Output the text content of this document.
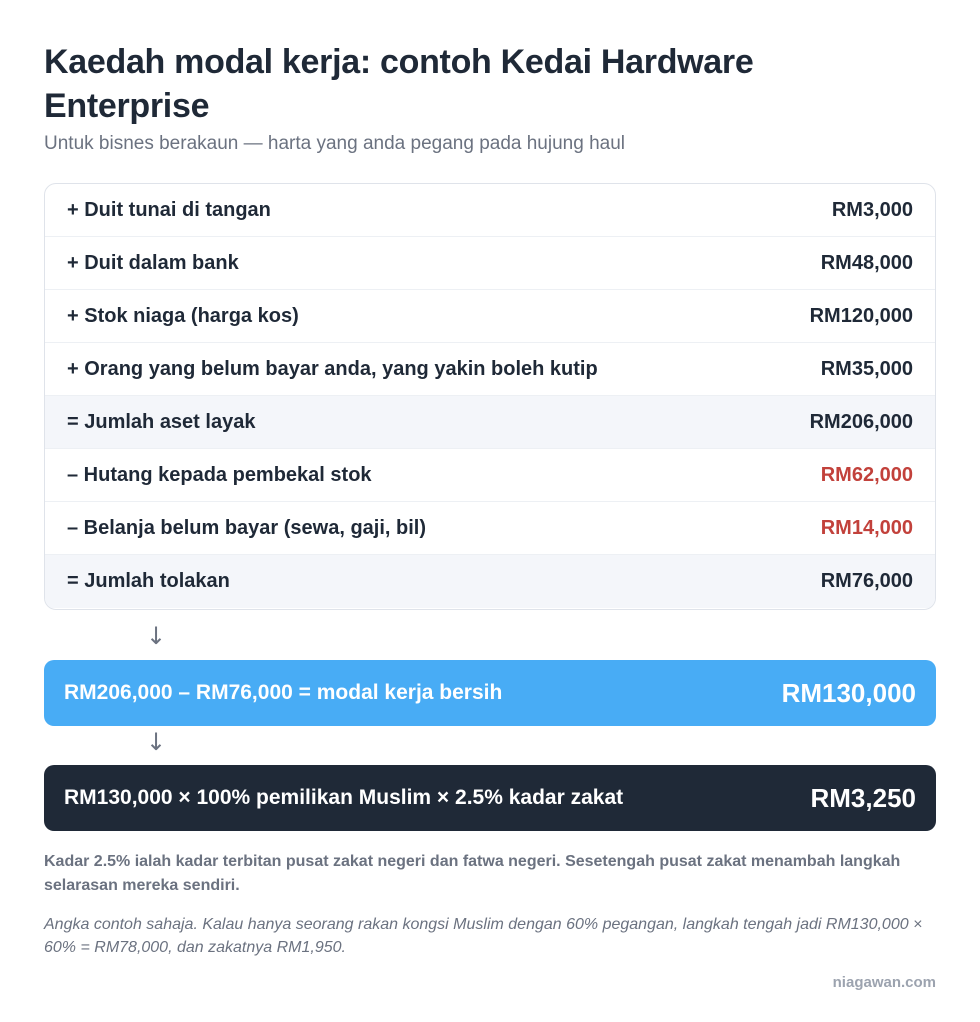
Kaedah modal kerja: contoh Kedai Hardware Enterprise
Untuk bisnes berakaun — harta yang anda pegang pada hujung haul
+ Duit tunai di tangan	RM3,000
+ Duit dalam bank	RM48,000
+ Stok niaga (harga kos)	RM120,000
+ Orang yang belum bayar anda, yang yakin boleh kutip	RM35,000
= Jumlah aset layak	RM206,000
– Hutang kepada pembekal stok	RM62,000
– Belanja belum bayar (sewa, gaji, bil)	RM14,000
= Jumlah tolakan	RM76,000
↓
RM206,000 – RM76,000 = modal kerja bersih	RM130,000
↓
RM130,000 × 100% pemilikan Muslim × 2.5% kadar zakat	RM3,250

Kadar 2.5% ialah kadar terbitan pusat zakat negeri dan fatwa negeri. Sesetengah pusat zakat menambah langkah selarasan mereka sendiri.

Angka contoh sahaja. Kalau hanya seorang rakan kongsi Muslim dengan 60% pegangan, langkah tengah jadi RM130,000 × 60% = RM78,000, dan zakatnya RM1,950.

niagawan.com
